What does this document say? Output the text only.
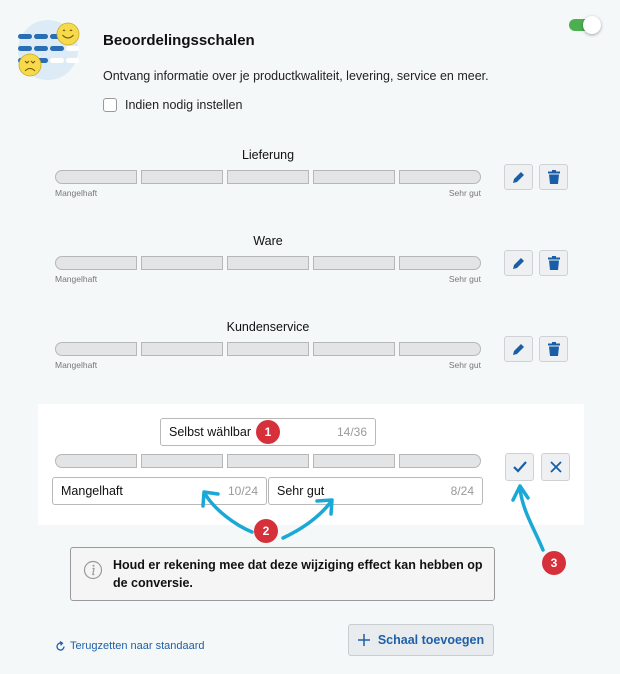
Beoordelingsschalen
Ontvang informatie over je productkwaliteit, levering, service en meer.
Indien nodig instellen
Lieferung
Mangelhaft	Sehr gut
Ware
Mangelhaft	Sehr gut
Kundenservice
Mangelhaft	Sehr gut
Selbst wählbar	14/36
Mangelhaft	10/24 Sehr gut	8/24
1
2
3
Houd er rekening mee dat deze wijziging effect kan hebben op de conversie.
Terugzetten naar standaard	Schaal toevoegen
